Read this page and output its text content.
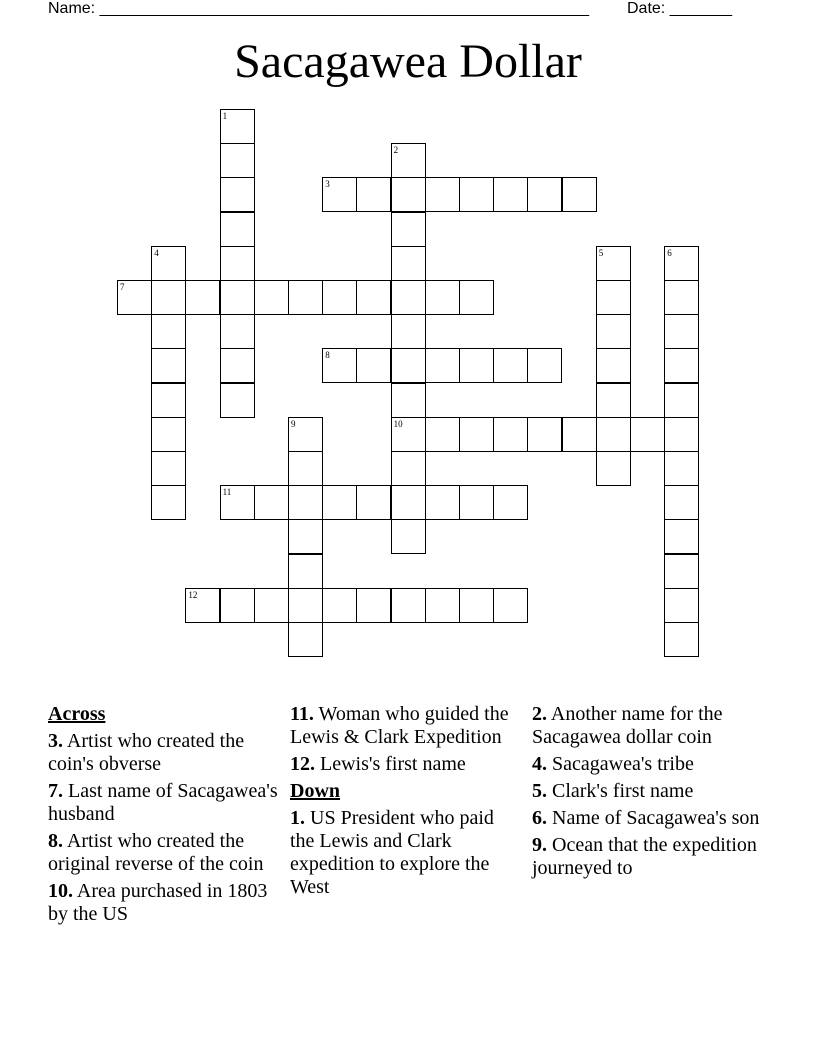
Name: _______________________________________________________ Date: _______
Sacagawea Dollar
1
2
10
3
4	5	6
7
8
9
11
12
Across
3. Artist who created the coin's obverse
7. Last name of Sacagawea's husband
8. Artist who created the original reverse of the coin
10. Area purchased in 1803 by the US
11. Woman who guided the Lewis & Clark Expedition
12. Lewis's first name
Down
1. US President who paid the Lewis and Clark expedition to explore the West
2. Another name for the Sacagawea dollar coin
4. Sacagawea's tribe
5. Clark's first name
6. Name of Sacagawea's son
9. Ocean that the expedition journeyed to
